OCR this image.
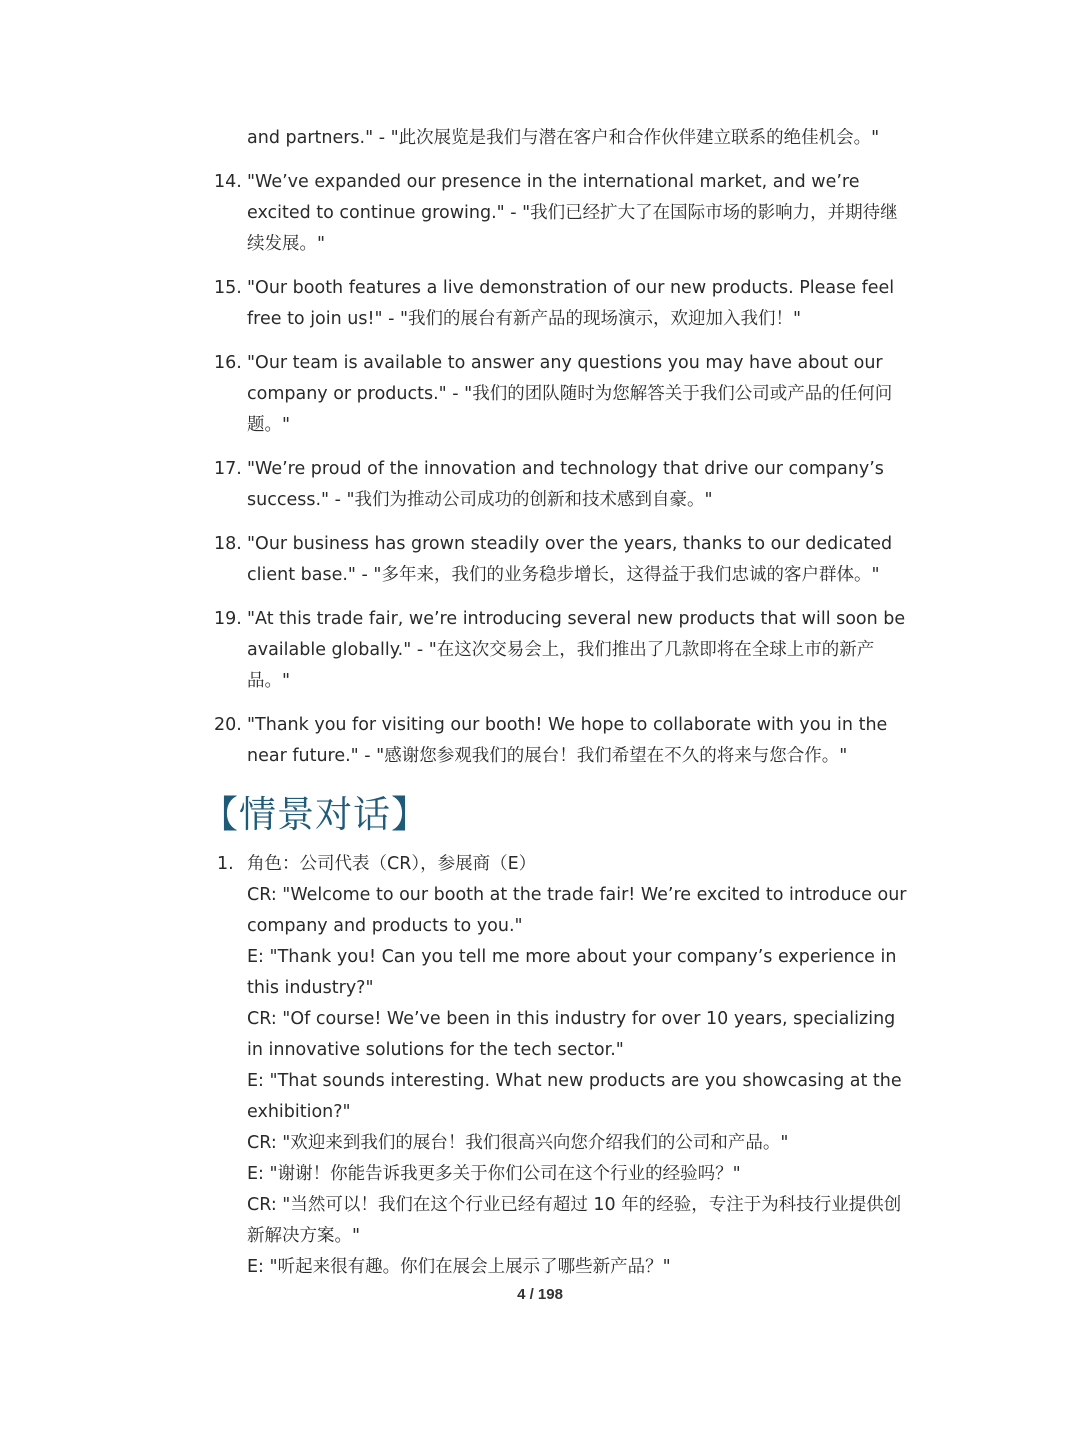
and partners." - "此次展览是我们与潜在客户和合作伙伴建立联系的绝佳机会。"
14. "We’ve expanded our presence in the international market, and we’re excited to continue growing." - "我们已经扩大了在国际市场的影响力，并期待继续发展。"
15. "Our booth features a live demonstration of our new products. Please feel free to join us!" - "我们的展台有新产品的现场演示，欢迎加入我们！"
16. "Our team is available to answer any questions you may have about our company or products." - "我们的团队随时为您解答关于我们公司或产品的任何问题。"
17. "We’re proud of the innovation and technology that drive our company’s success." - "我们为推动公司成功的创新和技术感到自豪。"
18. "Our business has grown steadily over the years, thanks to our dedicated client base." - "多年来，我们的业务稳步增长，这得益于我们忠诚的客户群体。"
19. "At this trade fair, we’re introducing several new products that will soon be available globally." - "在这次交易会上，我们推出了几款即将在全球上市的新产品。"
20. "Thank you for visiting our booth! We hope to collaborate with you in the near future." - "感谢您参观我们的展台！我们希望在不久的将来与您合作。"
【情景对话】
1. 角色：公司代表（CR），参展商（E）
CR: "Welcome to our booth at the trade fair! We’re excited to introduce our company and products to you."
E: "Thank you! Can you tell me more about your company’s experience in this industry?"
CR: "Of course! We’ve been in this industry for over 10 years, specializing in innovative solutions for the tech sector."
E: "That sounds interesting. What new products are you showcasing at the exhibition?"
CR: "欢迎来到我们的展台！我们很高兴向您介绍我们的公司和产品。"
E: "谢谢！你能告诉我更多关于你们公司在这个行业的经验吗？"
CR: "当然可以！我们在这个行业已经有超过 10 年的经验，专注于为科技行业提供创新解决方案。"
E: "听起来很有趣。你们在展会上展示了哪些新产品？"
4 / 198
